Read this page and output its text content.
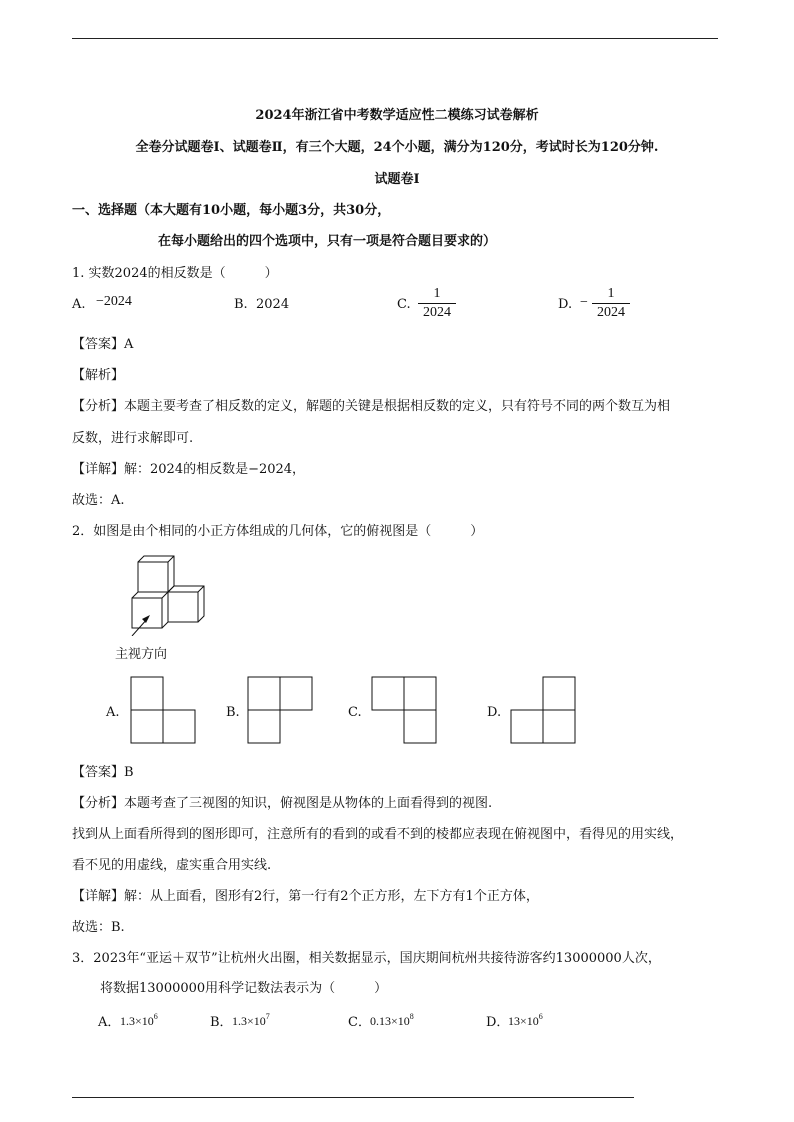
2024年浙江省中考数学适应性二模练习试卷解析
全卷分试题卷Ⅰ、试题卷Ⅱ，有三个大题，24个小题，满分为120分，考试时长为120分钟.
试题卷Ⅰ
一、选择题（本大题有10小题，每小题3分，共30分，
在每小题给出的四个选项中，只有一项是符合题目要求的）
1. 实数2024的相反数是（　　　）
A. −2024	B. 2024	C.
1
2024
D. −
1
2024
【答案】A
【解析】
【分析】本题主要考查了相反数的定义，解题的关键是根据相反数的定义，只有符号不同的两个数互为相
反数，进行求解即可.
【详解】解：2024的相反数是−2024，
故选：A.
2．如图是由个相同的小正方体组成的几何体，它的俯视图是（　　　）
主视方向
A.	B.	C.	D.
【答案】B
【分析】本题考查了三视图的知识，俯视图是从物体的上面看得到的视图.
找到从上面看所得到的图形即可，注意所有的看到的或看不到的棱都应表现在俯视图中，看得见的用实线，
看不见的用虚线，虚实重合用实线.
【详解】解：从上面看，图形有2行，第一行有2个正方形，左下方有1个正方体，
故选：B.
3．2023年“亚运＋双节”让杭州火出圈，相关数据显示，国庆期间杭州共接待游客约13000000人次，
将数据13000000用科学记数法表示为（　　　）
A． $1.3\times 10^6$	B． $1.3\times 10^7$	C． $0.13\times 10^8$	D．
$13\times 10^6$
